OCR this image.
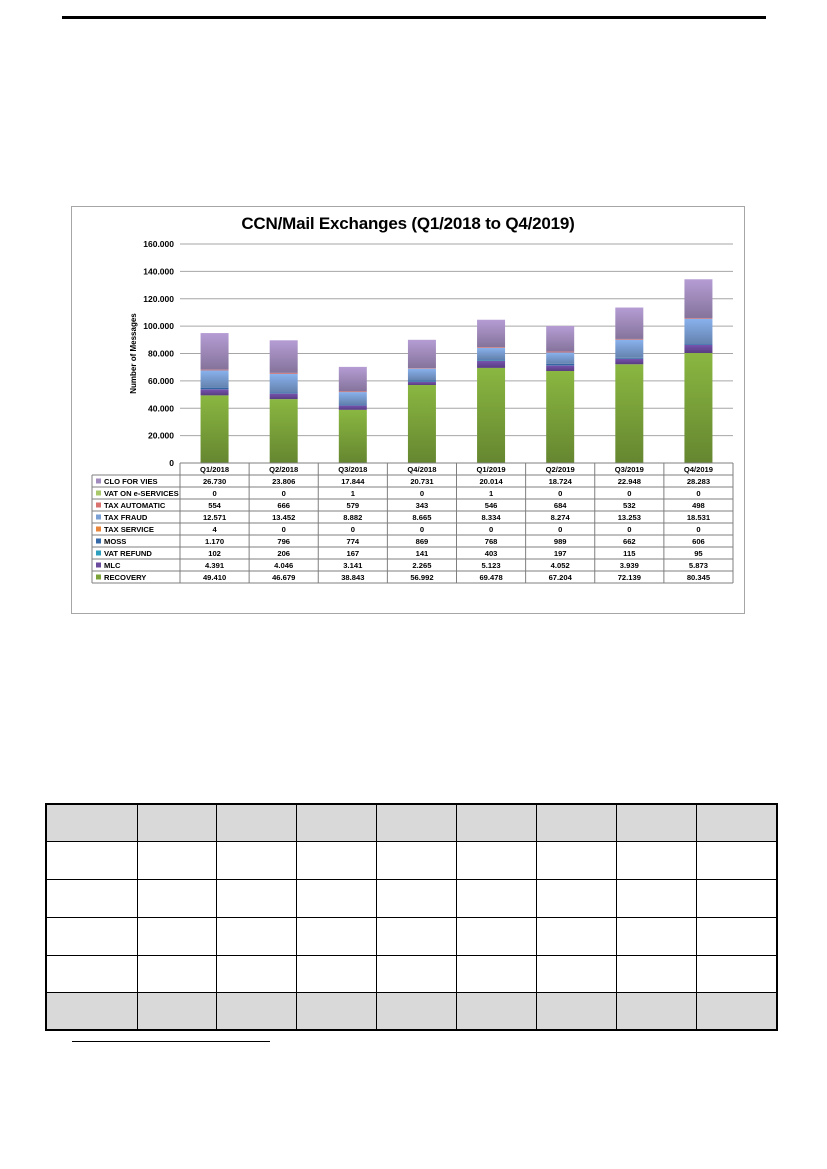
CCN/Mail Exchanges (Q1/2018 to Q4/2019)
0
20.000
40.000
60.000
80.000
100.000
120.000
140.000
160.000
Number of Messages
Q1/2018	Q2/2018	Q3/2018	Q4/2018	Q1/2019	Q2/2019	Q3/2019	Q4/2019
CLO FOR VIES	26.730	23.806	17.844	20.731	20.014	18.724	22.948	28.283
VAT ON e-SERVICES	0	0	1	0	1	0	0	0
TAX AUTOMATIC	554	666	579	343	546	684	532	498
TAX FRAUD	12.571	13.452	8.882	8.665	8.334	8.274	13.253	18.531
TAX SERVICE	4	0	0	0	0	0	0	0
MOSS	1.170	796	774	869	768	989	662	606
VAT REFUND	102	206	167	141	403	197	115	95
MLC	4.391	4.046	3.141	2.265	5.123	4.052	3.939	5.873
RECOVERY	49.410	46.679	38.843	56.992	69.478	67.204	72.139	80.345
